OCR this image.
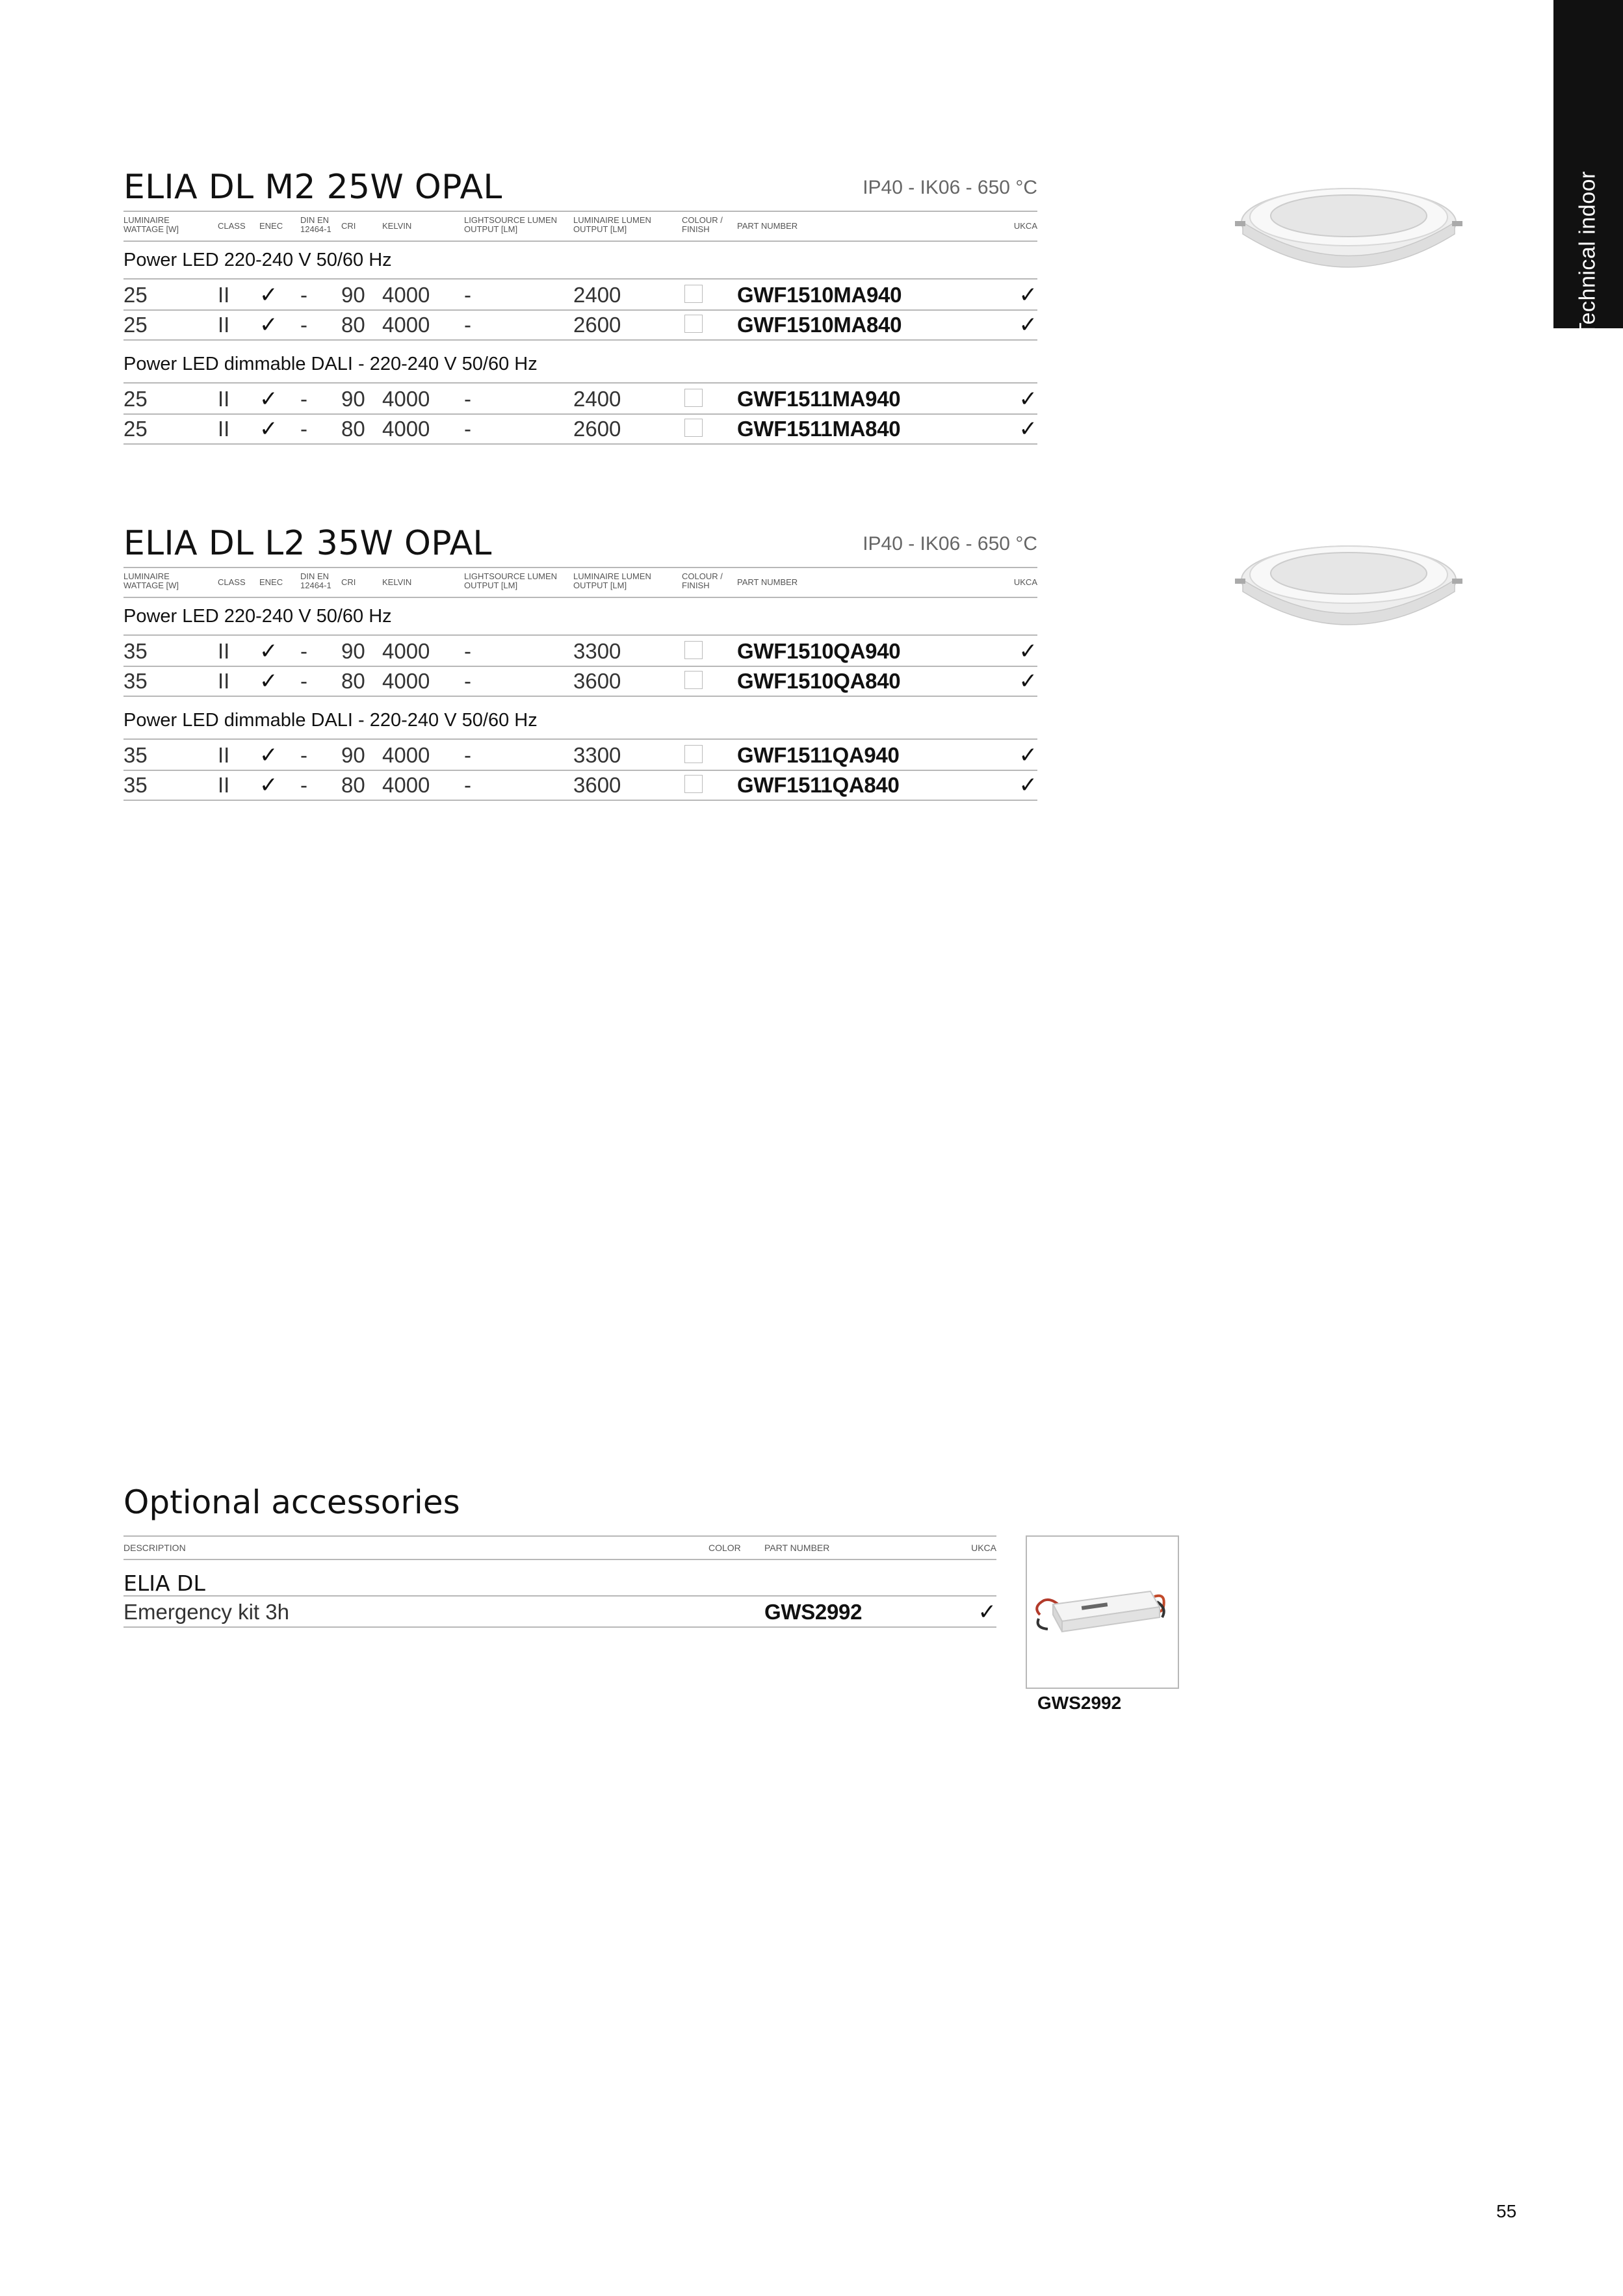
Technical indoor
ELIA DL M2 25W OPAL	IP40 - IK06 - 650 °C
LUMINAIRE
WATTAGE [W]	CLASS ENEC
DIN EN
12464-1 CRI	KELVIN
LIGHTSOURCE LUMEN
OUTPUT [LM]
LUMINAIRE LUMEN
OUTPUT [LM]
COLOUR /
FINISH	PART NUMBER	UKCA
Power LED 220-240 V 50/60 Hz
25	II ✓ - 90 4000 -	2400	GWF1510MA940	✓
25	II ✓ - 80 4000 -	2600	GWF1510MA840	✓
Power LED dimmable DALI - 220-240 V 50/60 Hz
25	II ✓ - 90 4000 -	2400	GWF1511MA940	✓
25	II ✓ - 80 4000 -	2600	GWF1511MA840	✓
ELIA DL L2 35W OPAL	IP40 - IK06 - 650 °C
LUMINAIRE
WATTAGE [W]	CLASS ENEC
DIN EN
12464-1 CRI	KELVIN
LIGHTSOURCE LUMEN
OUTPUT [LM]
LUMINAIRE LUMEN
OUTPUT [LM]
COLOUR /
FINISH	PART NUMBER	UKCA
Power LED 220-240 V 50/60 Hz
35	II ✓ - 90 4000 -	3300	GWF1510QA940	✓
35	II ✓ - 80 4000 -	3600	GWF1510QA840	✓
Power LED dimmable DALI - 220-240 V 50/60 Hz
35	II ✓ - 90 4000 -	3300	GWF1511QA940	✓
35	II ✓ - 80 4000 -	3600	GWF1511QA840	✓
Optional accessories
DESCRIPTION	COLOR	PART NUMBER	UKCA
ELIA DL
Emergency kit 3h	GWS2992	✓
GWS2992
55
